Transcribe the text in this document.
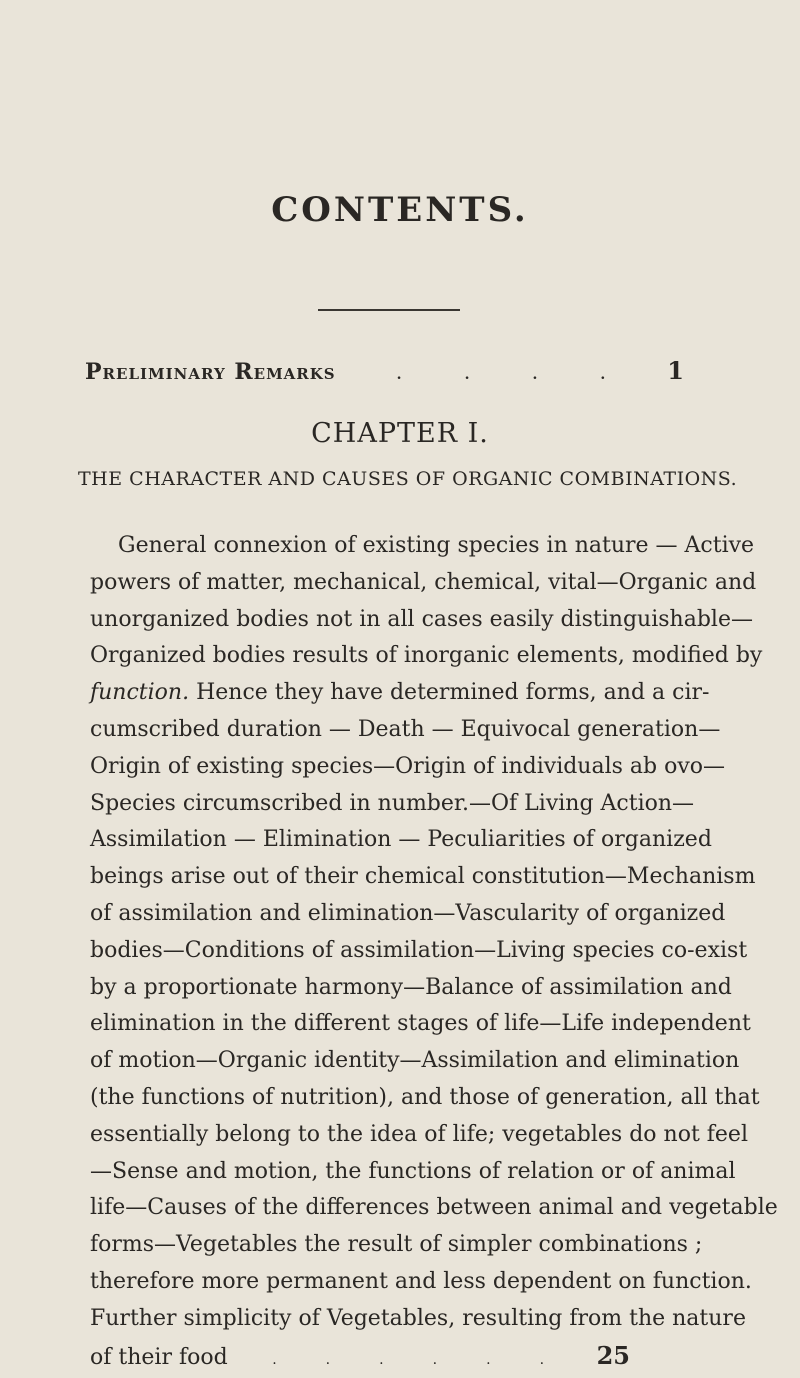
CONTENTS.
Preliminary Remarks	.	.	.	.	1
CHAPTER I.
THE CHARACTER AND CAUSES OF ORGANIC COMBINATIONS.
General connexion of existing species in nature — Active
powers of matter, mechanical, chemical, vital—Organic and
unorganized bodies not in all cases easily distinguishable—
Organized bodies results of inorganic elements, modified by
function. Hence they have determined forms, and a cir-
cumscribed duration — Death — Equivocal generation—
Origin of existing species—Origin of individuals ab ovo—
Species circumscribed in number.—Of Living Action—
Assimilation — Elimination — Peculiarities of organized
beings arise out of their chemical constitution—Mechanism
of assimilation and elimination—Vascularity of organized
bodies—Conditions of assimilation—Living species co-exist
by a proportionate harmony—Balance of assimilation and
elimination in the different stages of life—Life independent
of motion—Organic identity—Assimilation and elimination
(the functions of nutrition), and those of generation, all that
essentially belong to the idea of life; vegetables do not feel
—Sense and motion, the functions of relation or of animal
life—Causes of the differences between animal and vegetable
forms—Vegetables the result of simpler combinations ;
therefore more permanent and less dependent on function.
Further simplicity of Vegetables, resulting from the nature
of their food	.	.	.	.	.	. 25
